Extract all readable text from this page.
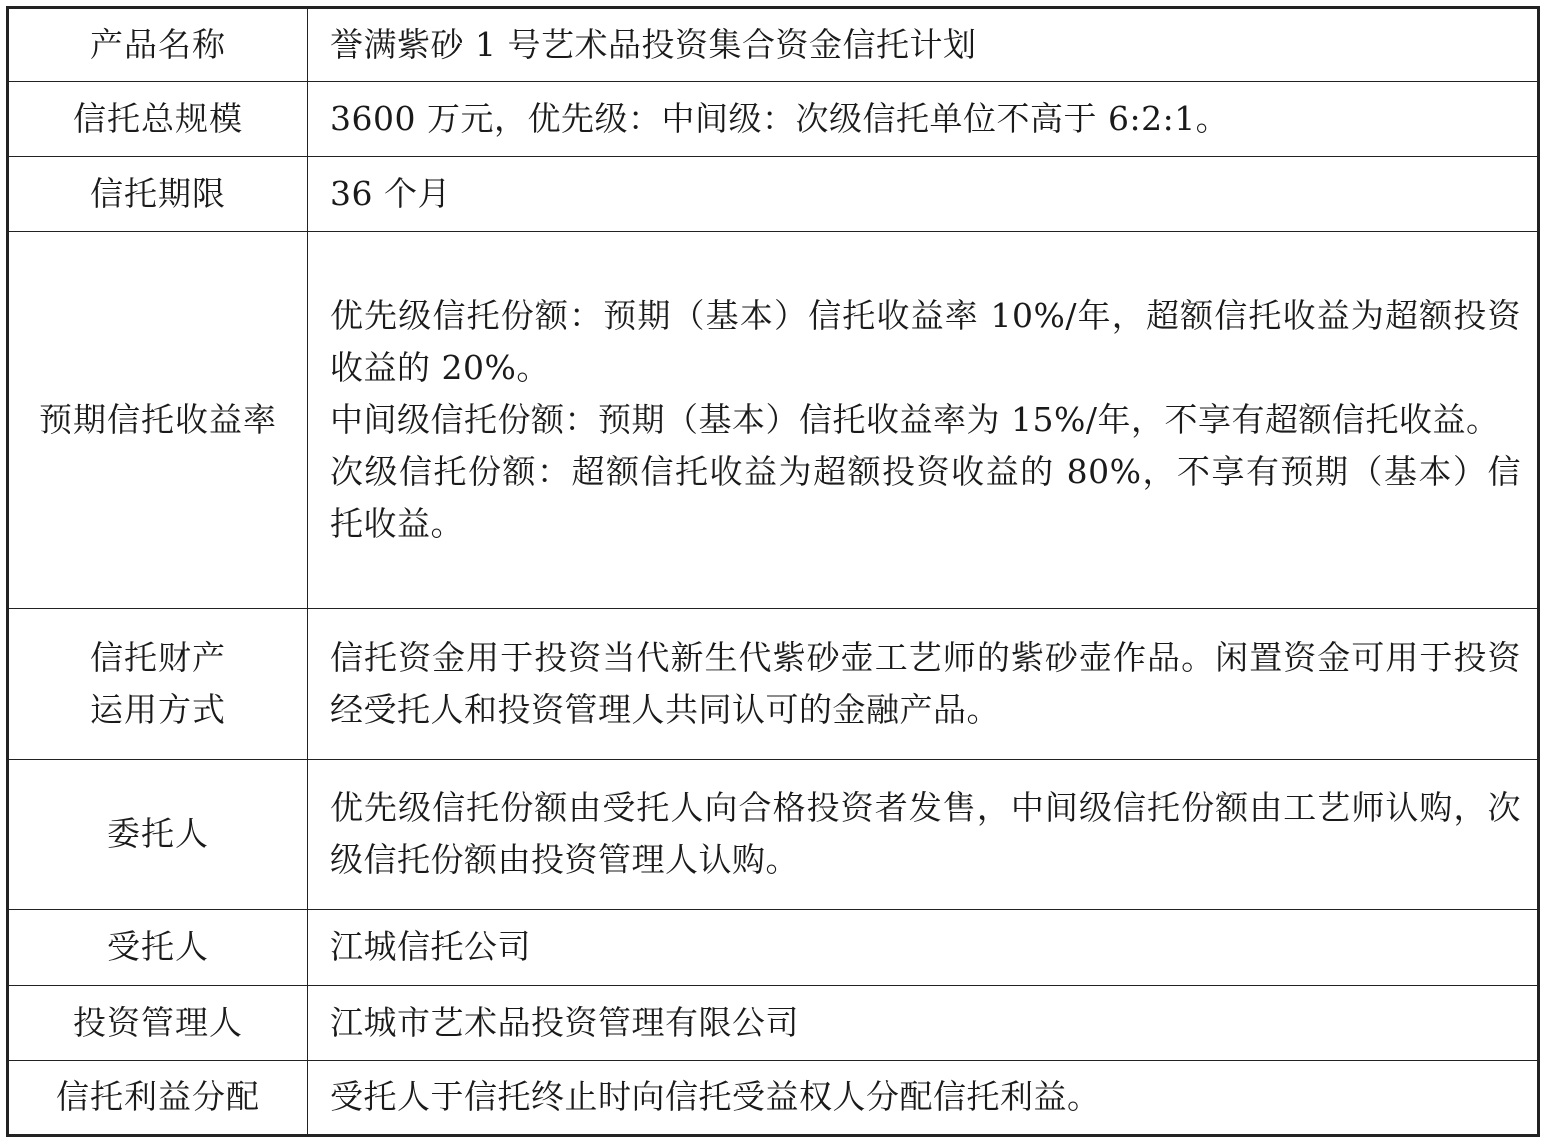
产品名称	誉满紫砂 1 号艺术品投资集合资金信托计划

信托总规模	3600 万元，优先级：中间级：次级信托单位不高于 6:2:1。

信托期限	36 个月

预期信托收益率	优先级信托份额：预期（基本）信托收益率 10%/年，超额信托收益为超额投资收益的 20%。
中间级信托份额：预期（基本）信托收益率为 15%/年，不享有超额信托收益。
次级信托份额：超额信托收益为超额投资收益的 80%，不享有预期（基本）信托收益。

信托财产
运用方式	信托资金用于投资当代新生代紫砂壶工艺师的紫砂壶作品。闲置资金可用于投资经受托人和投资管理人共同认可的金融产品。

委托人	优先级信托份额由受托人向合格投资者发售，中间级信托份额由工艺师认购，次级信托份额由投资管理人认购。

受托人	江城信托公司

投资管理人	江城市艺术品投资管理有限公司

信托利益分配	受托人于信托终止时向信托受益权人分配信托利益。
